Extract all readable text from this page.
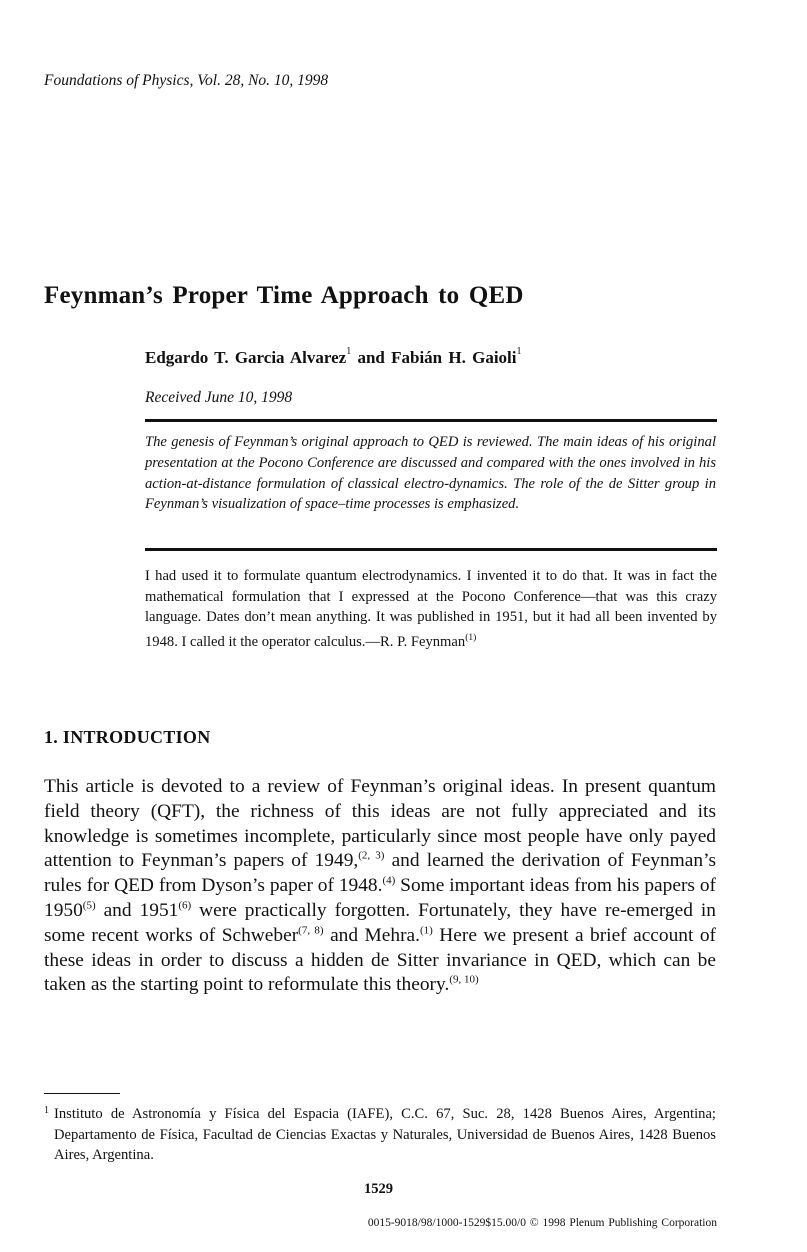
Foundations of Physics, Vol. 28, No. 10, 1998
Feynman’s Proper Time Approach to QED
Edgardo T. Garcia Alvarez$^1$ and Fabián H. Gaioli$^1$
Received June 10, 1998
The genesis of Feynman’s original approach to QED is reviewed. The main ideas of his original presentation at the Pocono Conference are discussed and compared with the ones involved in his action-at-distance formulation of classical electro-dynamics. The role of the de Sitter group in Feynman’s visualization of space–time processes is emphasized.
I had used it to formulate quantum electrodynamics. I invented it to do that. It was in fact the mathematical formulation that I expressed at the Pocono Conference—that was this crazy language. Dates don’t mean anything. It was published in 1951, but it had all been invented by 1948. I called it the operator calculus.—R. P. Feynman$^{(1)}$
1. INTRODUCTION
This article is devoted to a review of Feynman’s original ideas. In present quantum field theory (QFT), the richness of this ideas are not fully appreciated and its knowledge is sometimes incomplete, particularly since most people have only payed attention to Feynman’s papers of 1949,$^{(2, 3)}$ and learned the derivation of Feynman’s rules for QED from Dyson’s paper of 1948.$^{(4)}$ Some important ideas from his papers of 1950$^{(5)}$ and 1951$^{(6)}$ were practically forgotten. Fortunately, they have re-emerged in some recent works of Schweber$^{(7, 8)}$ and Mehra.$^{(1)}$ Here we present a brief account of these ideas in order to discuss a hidden de Sitter invariance in QED, which can be taken as the starting point to reformulate this theory.$^{(9, 10)}$
1 Instituto de Astronomía y Física del Espacia (IAFE), C.C. 67, Suc. 28, 1428 Buenos Aires, Argentina; Departamento de Física, Facultad de Ciencias Exactas y Naturales, Universidad de Buenos Aires, 1428 Buenos Aires, Argentina.
1529
0015-9018/98/1000-1529$15.00/0 © 1998 Plenum Publishing Corporation
